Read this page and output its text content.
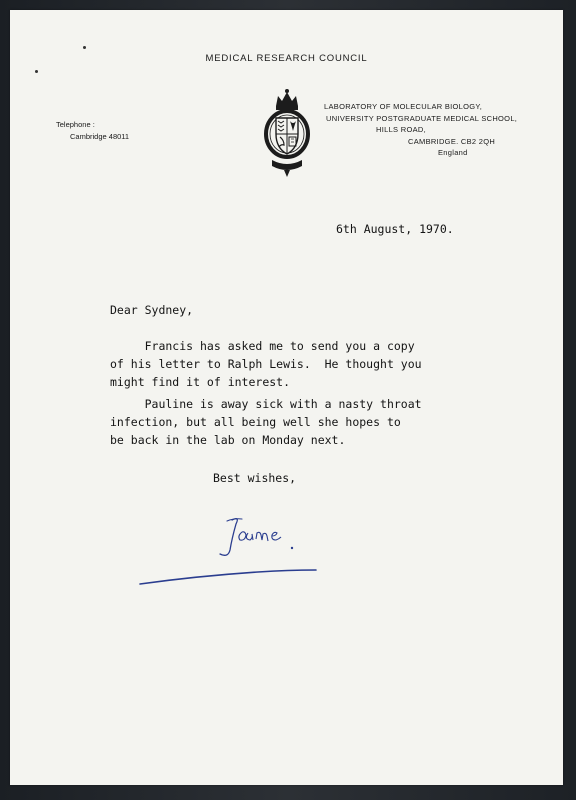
MEDICAL RESEARCH COUNCIL
Telephone :
Cambridge 48011
LABORATORY OF MOLECULAR BIOLOGY,
UNIVERSITY POSTGRADUATE MEDICAL SCHOOL,
HILLS ROAD,
CAMBRIDGE. CB2 2QH
England
6th August, 1970.
Dear Sydney,
Francis has asked me to send you a copy
of his letter to Ralph Lewis.  He thought you
might find it of interest.
Pauline is away sick with a nasty throat
infection, but all being well she hopes to
be back in the lab on Monday next.
Best wishes,
